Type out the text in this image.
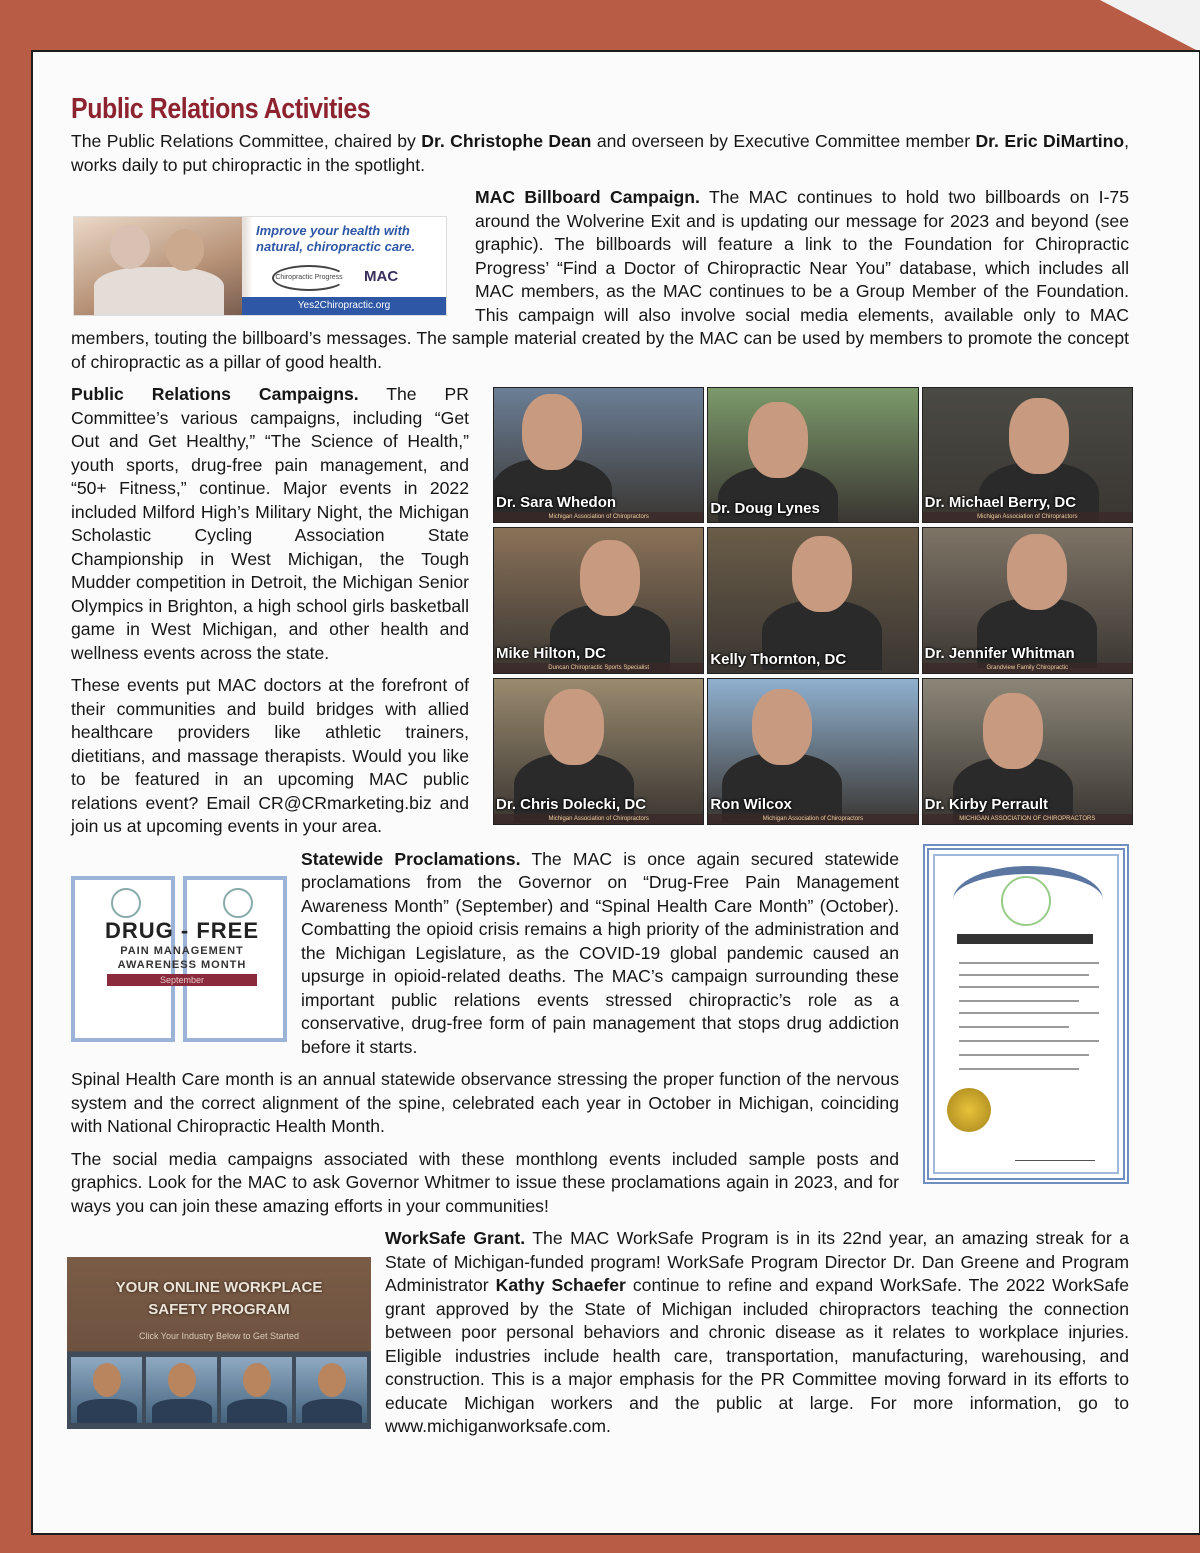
Public Relations Activities

The Public Relations Committee, chaired by Dr. Christophe Dean and overseen by Executive Committee member Dr. Eric DiMartino, works daily to put chiropractic in the spotlight.

Improve your health with natural, chiropractic care.
Chiropractic Progress MAC
Yes2Chiropractic.org

MAC Billboard Campaign. The MAC continues to hold two billboards on I-75 around the Wolverine Exit and is updating our message for 2023 and beyond (see graphic). The billboards will feature a link to the Foundation for Chiropractic Progress’ “Find a Doctor of Chiropractic Near You” database, which includes all MAC members, as the MAC continues to be a Group Member of the Foundation. This campaign will also involve social media elements, available only to MAC members, touting the billboard’s messages. The sample material created by the MAC can be used by members to promote the concept of chiropractic as a pillar of good health.

Dr. Sara Whedon
Michigan Association of Chiropractors	Dr. Doug Lynes	Dr. Michael Berry, DC
Michigan Association of Chiropractors
Mike Hilton, DC
Duncan Chiropractic Sports Specialist	Kelly Thornton, DC	Dr. Jennifer Whitman
Grandview Family Chiropractic
Dr. Chris Dolecki, DC
Michigan Association of Chiropractors
Ron Wilcox
Michigan Association of Chiropractors
Dr. Kirby Perrault
MICHIGAN ASSOCIATION OF CHIROPRACTORS

Public Relations Campaigns. The PR Committee’s various campaigns, including “Get Out and Get Healthy,” “The Science of Health,” youth sports, drug-free pain management, and “50+ Fitness,” continue. Major events in 2022 included Milford High’s Military Night, the Michigan Scholastic Cycling Association State Championship in West Michigan, the Tough Mudder competition in Detroit, the Michigan Senior Olympics in Brighton, a high school girls basketball game in West Michigan, and other health and wellness events across the state.

These events put MAC doctors at the forefront of their communities and build bridges with allied healthcare providers like athletic trainers, dietitians, and massage therapists. Would you like to be featured in an upcoming MAC public relations event? Email CR@CRmarketing.biz and join us at upcoming events in your area.

DRUG - FREE
PAIN MANAGEMENT
AWARENESS MONTH
September

Statewide Proclamations. The MAC is once again secured statewide proclamations from the Governor on “Drug-Free Pain Management Awareness Month” (September) and “Spinal Health Care Month” (October). Combatting the opioid crisis remains a high priority of the administration and the Michigan Legislature, as the COVID-19 global pandemic caused an upsurge in opioid-related deaths. The MAC’s campaign surrounding these important public relations events stressed chiropractic’s role as a conservative, drug-free form of pain management that stops drug addiction before it starts.

Spinal Health Care month is an annual statewide observance stressing the proper function of the nervous system and the correct alignment of the spine, celebrated each year in October in Michigan, coinciding with National Chiropractic Health Month.

The social media campaigns associated with these monthlong events included sample posts and graphics. Look for the MAC to ask Governor Whitmer to issue these proclamations again in 2023, and for ways you can join these amazing efforts in your communities!

YOUR ONLINE WORKPLACE
SAFETY PROGRAM
Click Your Industry Below to Get Started

WorkSafe Grant. The MAC WorkSafe Program is in its 22nd year, an amazing streak for a State of Michigan-funded program! WorkSafe Program Director Dr. Dan Greene and Program Administrator Kathy Schaefer continue to refine and expand WorkSafe. The 2022 WorkSafe grant approved by the State of Michigan included chiropractors teaching the connection between poor personal behaviors and chronic disease as it relates to workplace injuries. Eligible industries include health care, transportation, manufacturing, warehousing, and construction. This is a major emphasis for the PR Committee moving forward in its efforts to educate Michigan workers and the public at large. For more information, go to www.michiganworksafe.com.
